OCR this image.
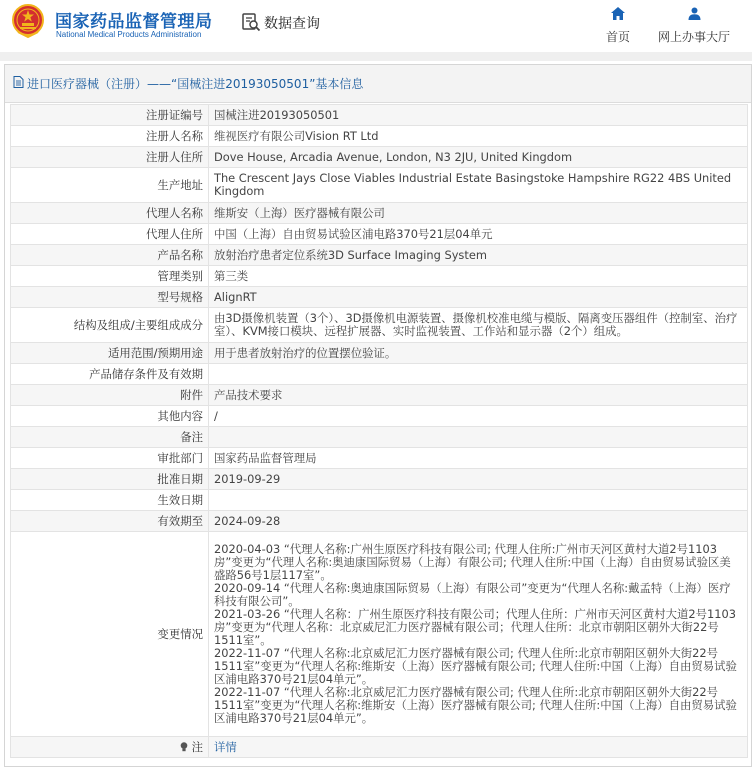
国家药品监督管理局
National Medical Products Administration
数据查询
首页 网上办事大厅
进口医疗器械（注册）——“国械注进20193050501”基本信息
注册证编号	国械注进20193050501
注册人名称	维视医疗有限公司Vision RT Ltd
注册人住所	Dove House, Arcadia Avenue, London, N3 2JU, United Kingdom
生产地址	The Crescent Jays Close Viables Industrial Estate Basingstoke Hampshire RG22 4BS United Kingdom
代理人名称	维斯安（上海）医疗器械有限公司
代理人住所	中国（上海）自由贸易试验区浦电路370号21层04单元
产品名称	放射治疗患者定位系统3D Surface Imaging System
管理类别	第三类
型号规格	AlignRT
结构及组成/主要组成成分	由3D摄像机装置（3个）、3D摄像机电源装置、摄像机校准电缆与模版、隔离变压器组件（控制室、治疗室）、KVM接口模块、远程扩展器、实时监视装置、工作站和显示器（2个）组成。
适用范围/预期用途	用于患者放射治疗的位置摆位验证。
产品储存条件及有效期	
附件	产品技术要求
其他内容	/
备注	
审批部门	国家药品监督管理局
批准日期	2019-09-29
生效日期	
有效期至	2024-09-28
变更情况	2020-04-03 “代理人名称:广州生原医疗科技有限公司; 代理人住所:广州市天河区黄村大道2号1103房”变更为“代理人名称:奥迪康国际贸易（上海）有限公司; 代理人住所:中国（上海）自由贸易试验区美盛路56号1层117室”。
2020-09-14 “代理人名称:奥迪康国际贸易（上海）有限公司”变更为“代理人名称:戴孟特（上海）医疗科技有限公司”。
2021-03-26 “代理人名称：广州生原医疗科技有限公司；代理人住所：广州市天河区黄村大道2号1103房”变更为“代理人名称：北京威尼汇力医疗器械有限公司；代理人住所：北京市朝阳区朝外大街22号1511室”。
2022-11-07 “代理人名称:北京威尼汇力医疗器械有限公司; 代理人住所:北京市朝阳区朝外大街22号1511室”变更为“代理人名称:维斯安（上海）医疗器械有限公司; 代理人住所:中国（上海）自由贸易试验区浦电路370号21层04单元”。
2022-11-07 “代理人名称:北京威尼汇力医疗器械有限公司; 代理人住所:北京市朝阳区朝外大街22号1511室”变更为“代理人名称:维斯安（上海）医疗器械有限公司; 代理人住所:中国（上海）自由贸易试验区浦电路370号21层04单元”。

注	详情
